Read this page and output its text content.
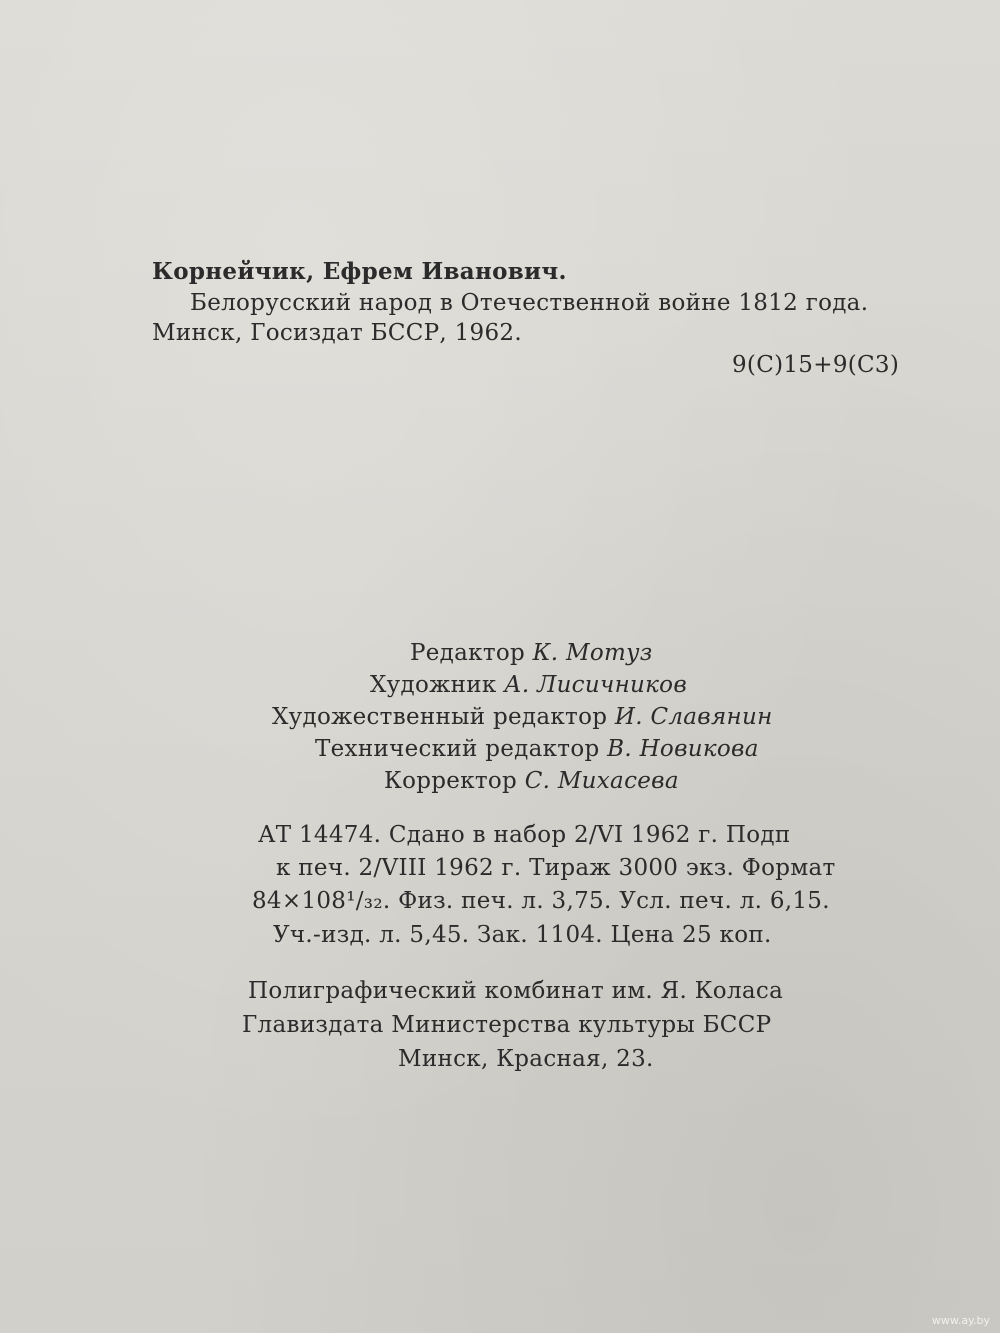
Корнейчик, Ефрем Иванович.
Белорусский народ в Отечественной войне 1812 года.
Минск, Госиздат БССР, 1962.
9(С)15+9(С3)
Редактор К. Мотуз
Художник А. Лисичников
Художественный редактор И. Славянин
Технический редактор В. Новикова
Корректор С. Михасева
АТ 14474. Сдано в набор 2/VI 1962 г. Подп
к печ. 2/VIII 1962 г. Тираж 3000 экз. Формат
84×108¹/₃₂. Физ. печ. л. 3,75. Усл. печ. л. 6,15.
Уч.-изд. л. 5,45. Зак. 1104. Цена 25 коп.
Полиграфический комбинат им. Я. Коласа
Главиздата Министерства культуры БССР
Минск, Красная, 23.
www.ay.by
